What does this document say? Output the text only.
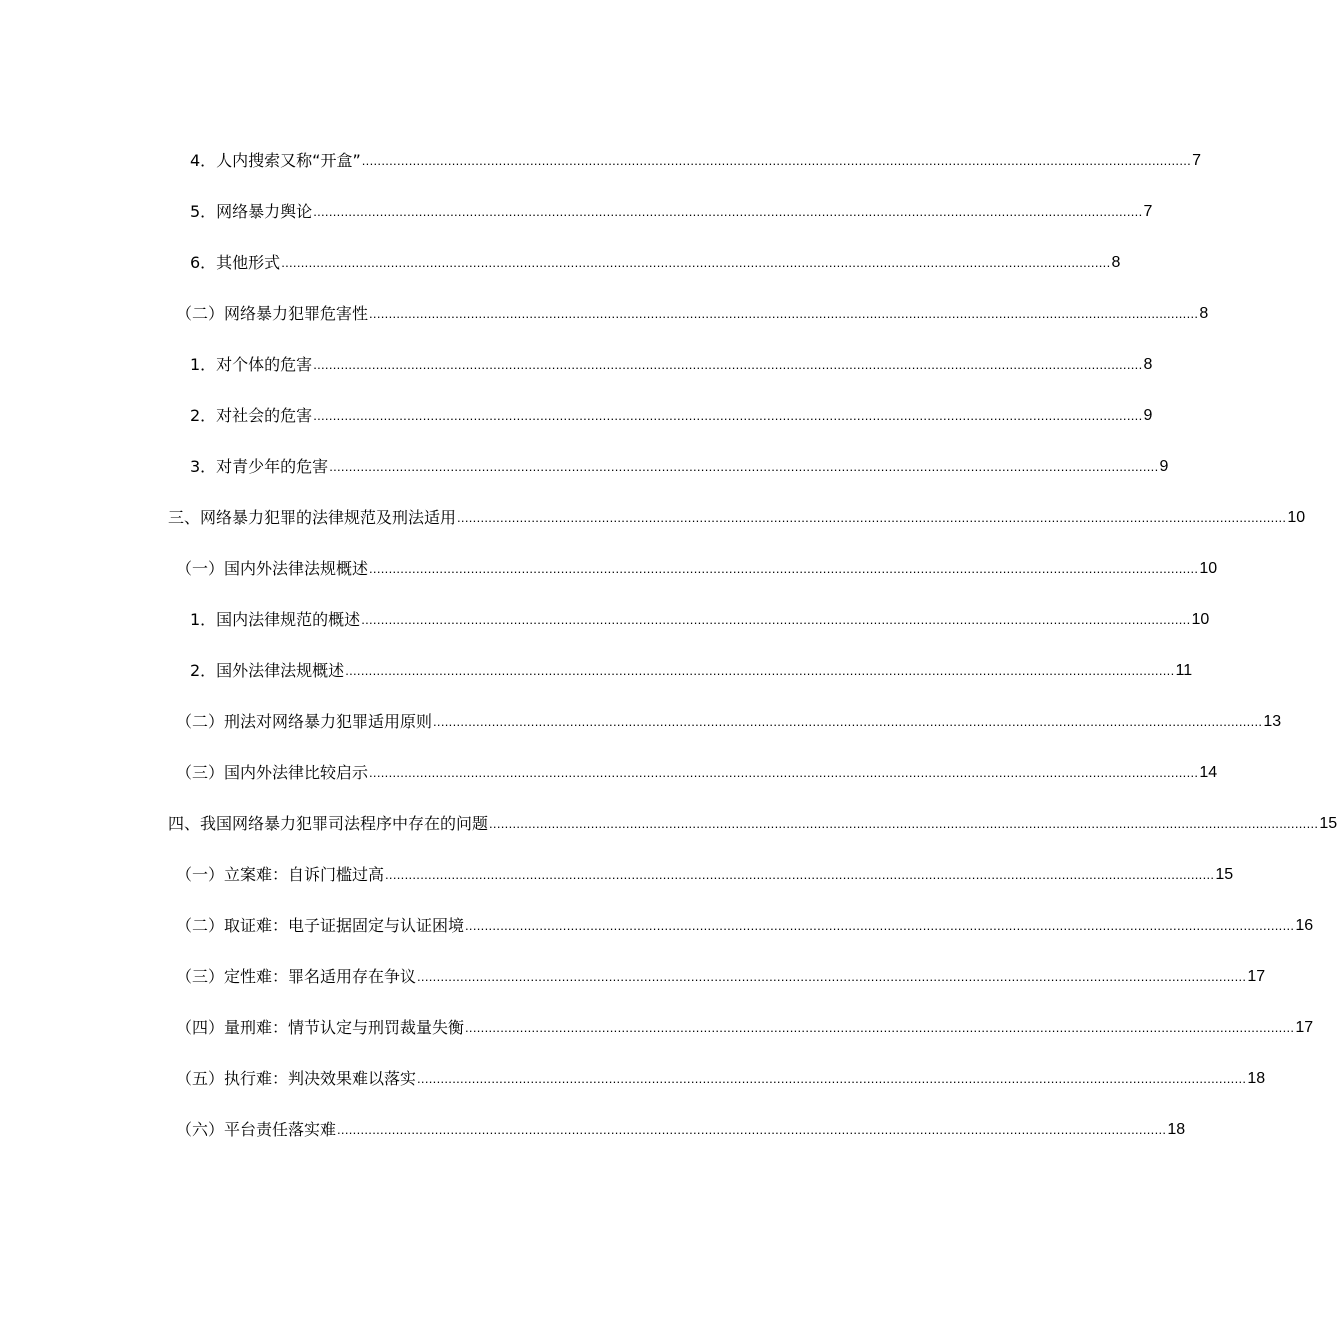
4．人内搜索又称“开盒” .................................................................................................................................................................................................................... 7
5．网络暴力舆论 .................................................................................................................................................................................................................... 7
6．其他形式 .................................................................................................................................................................................................................... 8
（二）网络暴力犯罪危害性 .................................................................................................................................................................................................................... 8
1．对个体的危害 .................................................................................................................................................................................................................... 8
2．对社会的危害 .................................................................................................................................................................................................................... 9
3．对青少年的危害 .................................................................................................................................................................................................................... 9
三、网络暴力犯罪的法律规范及刑法适用 .................................................................................................................................................................................................................... 10
（一）国内外法律法规概述 .................................................................................................................................................................................................................... 10
1．国内法律规范的概述 .................................................................................................................................................................................................................... 10
2．国外法律法规概述 .................................................................................................................................................................................................................... 11
（二）刑法对网络暴力犯罪适用原则 .................................................................................................................................................................................................................... 13
（三）国内外法律比较启示 .................................................................................................................................................................................................................... 14
四、我国网络暴力犯罪司法程序中存在的问题 .................................................................................................................................................................................................................... 15
（一）立案难：自诉门槛过高 .................................................................................................................................................................................................................... 15
（二）取证难：电子证据固定与认证困境 .................................................................................................................................................................................................................... 16
（三）定性难：罪名适用存在争议 .................................................................................................................................................................................................................... 17
（四）量刑难：情节认定与刑罚裁量失衡 .................................................................................................................................................................................................................... 17
（五）执行难：判决效果难以落实 .................................................................................................................................................................................................................... 18
（六）平台责任落实难 .................................................................................................................................................................................................................... 18
